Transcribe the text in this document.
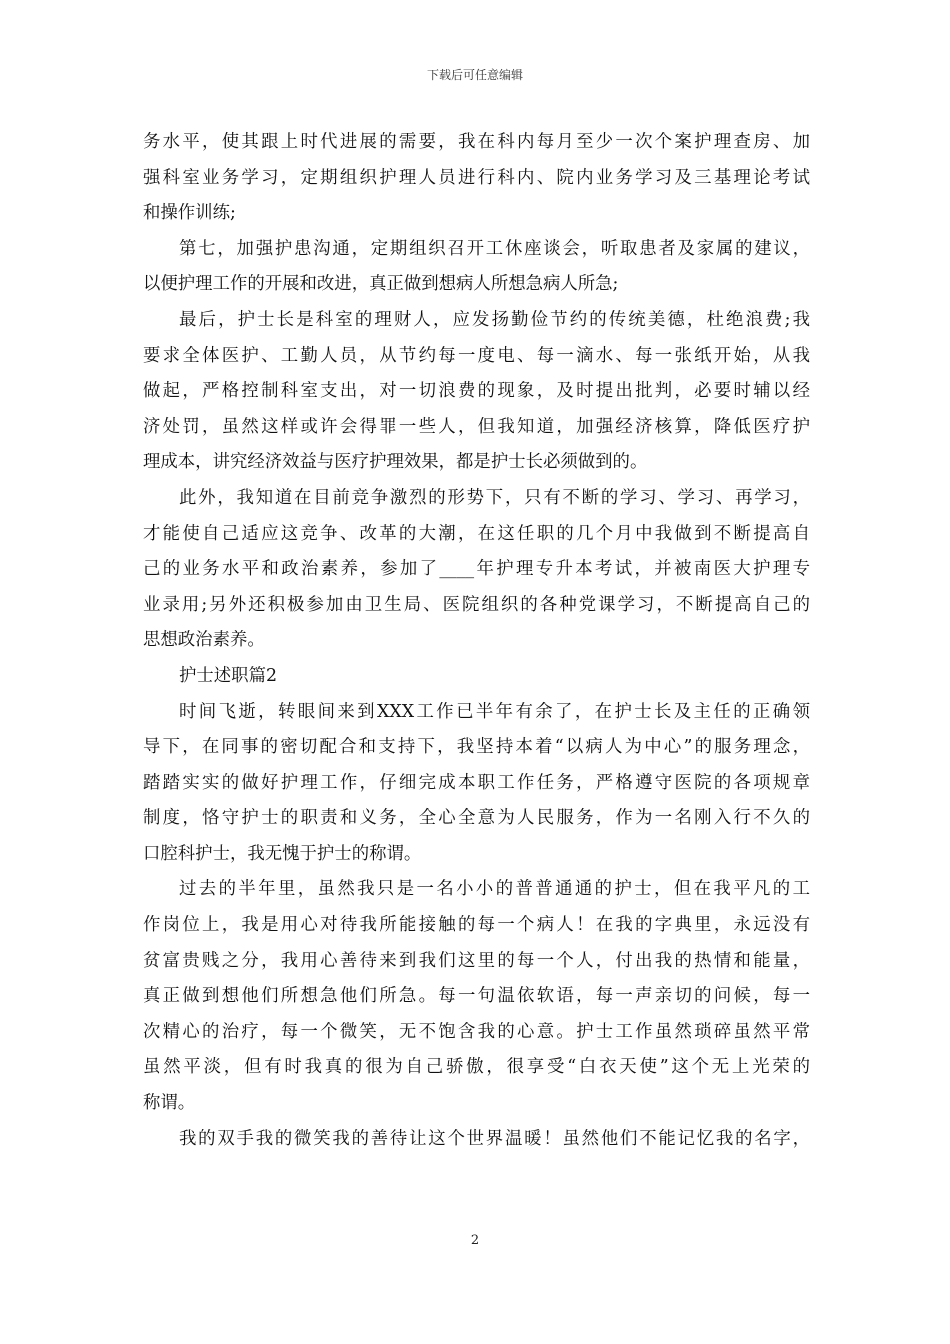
下载后可任意编辑
务水平，使其跟上时代进展的需要，我在科内每月至少一次个案护理查房、加
强科室业务学习，定期组织护理人员进行科内、院内业务学习及三基理论考试
和操作训练;
第七，加强护患沟通，定期组织召开工休座谈会，听取患者及家属的建议，
以便护理工作的开展和改进，真正做到想病人所想急病人所急;
最后，护士长是科室的理财人，应发扬勤俭节约的传统美德，杜绝浪费;我
要求全体医护、工勤人员，从节约每一度电、每一滴水、每一张纸开始，从我
做起，严格控制科室支出，对一切浪费的现象，及时提出批判，必要时辅以经
济处罚，虽然这样或许会得罪一些人，但我知道，加强经济核算，降低医疗护
理成本，讲究经济效益与医疗护理效果，都是护士长必须做到的。
此外，我知道在目前竞争激烈的形势下，只有不断的学习、学习、再学习，
才能使自己适应这竞争、改革的大潮，在这任职的几个月中我做到不断提高自
己的业务水平和政治素养，参加了____年护理专升本考试，并被南医大护理专
业录用;另外还积极参加由卫生局、医院组织的各种党课学习，不断提高自己的
思想政治素养。
护士述职篇2
时间飞逝，转眼间来到XXX工作已半年有余了，在护士长及主任的正确领
导下，在同事的密切配合和支持下，我坚持本着“以病人为中心”的服务理念，
踏踏实实的做好护理工作，仔细完成本职工作任务，严格遵守医院的各项规章
制度，恪守护士的职责和义务，全心全意为人民服务，作为一名刚入行不久的
口腔科护士，我无愧于护士的称谓。
过去的半年里，虽然我只是一名小小的普普通通的护士，但在我平凡的工
作岗位上，我是用心对待我所能接触的每一个病人！在我的字典里，永远没有
贫富贵贱之分，我用心善待来到我们这里的每一个人，付出我的热情和能量，
真正做到想他们所想急他们所急。每一句温依软语，每一声亲切的问候，每一
次精心的治疗，每一个微笑，无不饱含我的心意。护士工作虽然琐碎虽然平常
虽然平淡，但有时我真的很为自己骄傲，很享受“白衣天使”这个无上光荣的
称谓。
我的双手我的微笑我的善待让这个世界温暖！虽然他们不能记忆我的名字，
2
